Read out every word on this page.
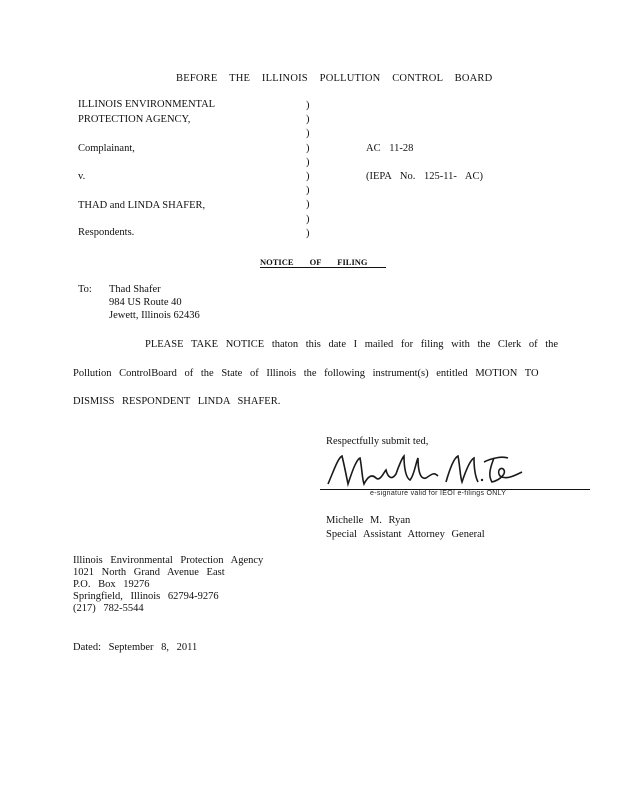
BEFORE THE ILLINOIS POLLUTION CONTROL BOARD
ILLINOIS ENVIRONMENTAL
PROTECTION AGENCY,
Complainant,
v.
THAD and LINDA SHAFER,
Respondents.
)
)
)
)
)
)
)
)
)
)
AC 11-28
(IEPA No. 125-11- AC)
NOTICE OF FILING
To: Thad Shafer
984 US Route 40
Jewett, Illinois 62436
PLEASE TAKE NOTICE thaton this date I mailed for filing with the Clerk of the
Pollution ControlBoard of the State of Illinois the following instrument(s) entitled MOTION TO
DISMISS RESPONDENT LINDA SHAFER.
Respectfully submit ted,
e-signature valid for IEOI e-filings ONLY
Michelle M. Ryan
Special Assistant Attorney General
Illinois Environmental Protection Agency
1021 North Grand Avenue East
P.O. Box 19276
Springfield, Illinois 62794-9276
(217) 782-5544
Dated: September 8, 2011
